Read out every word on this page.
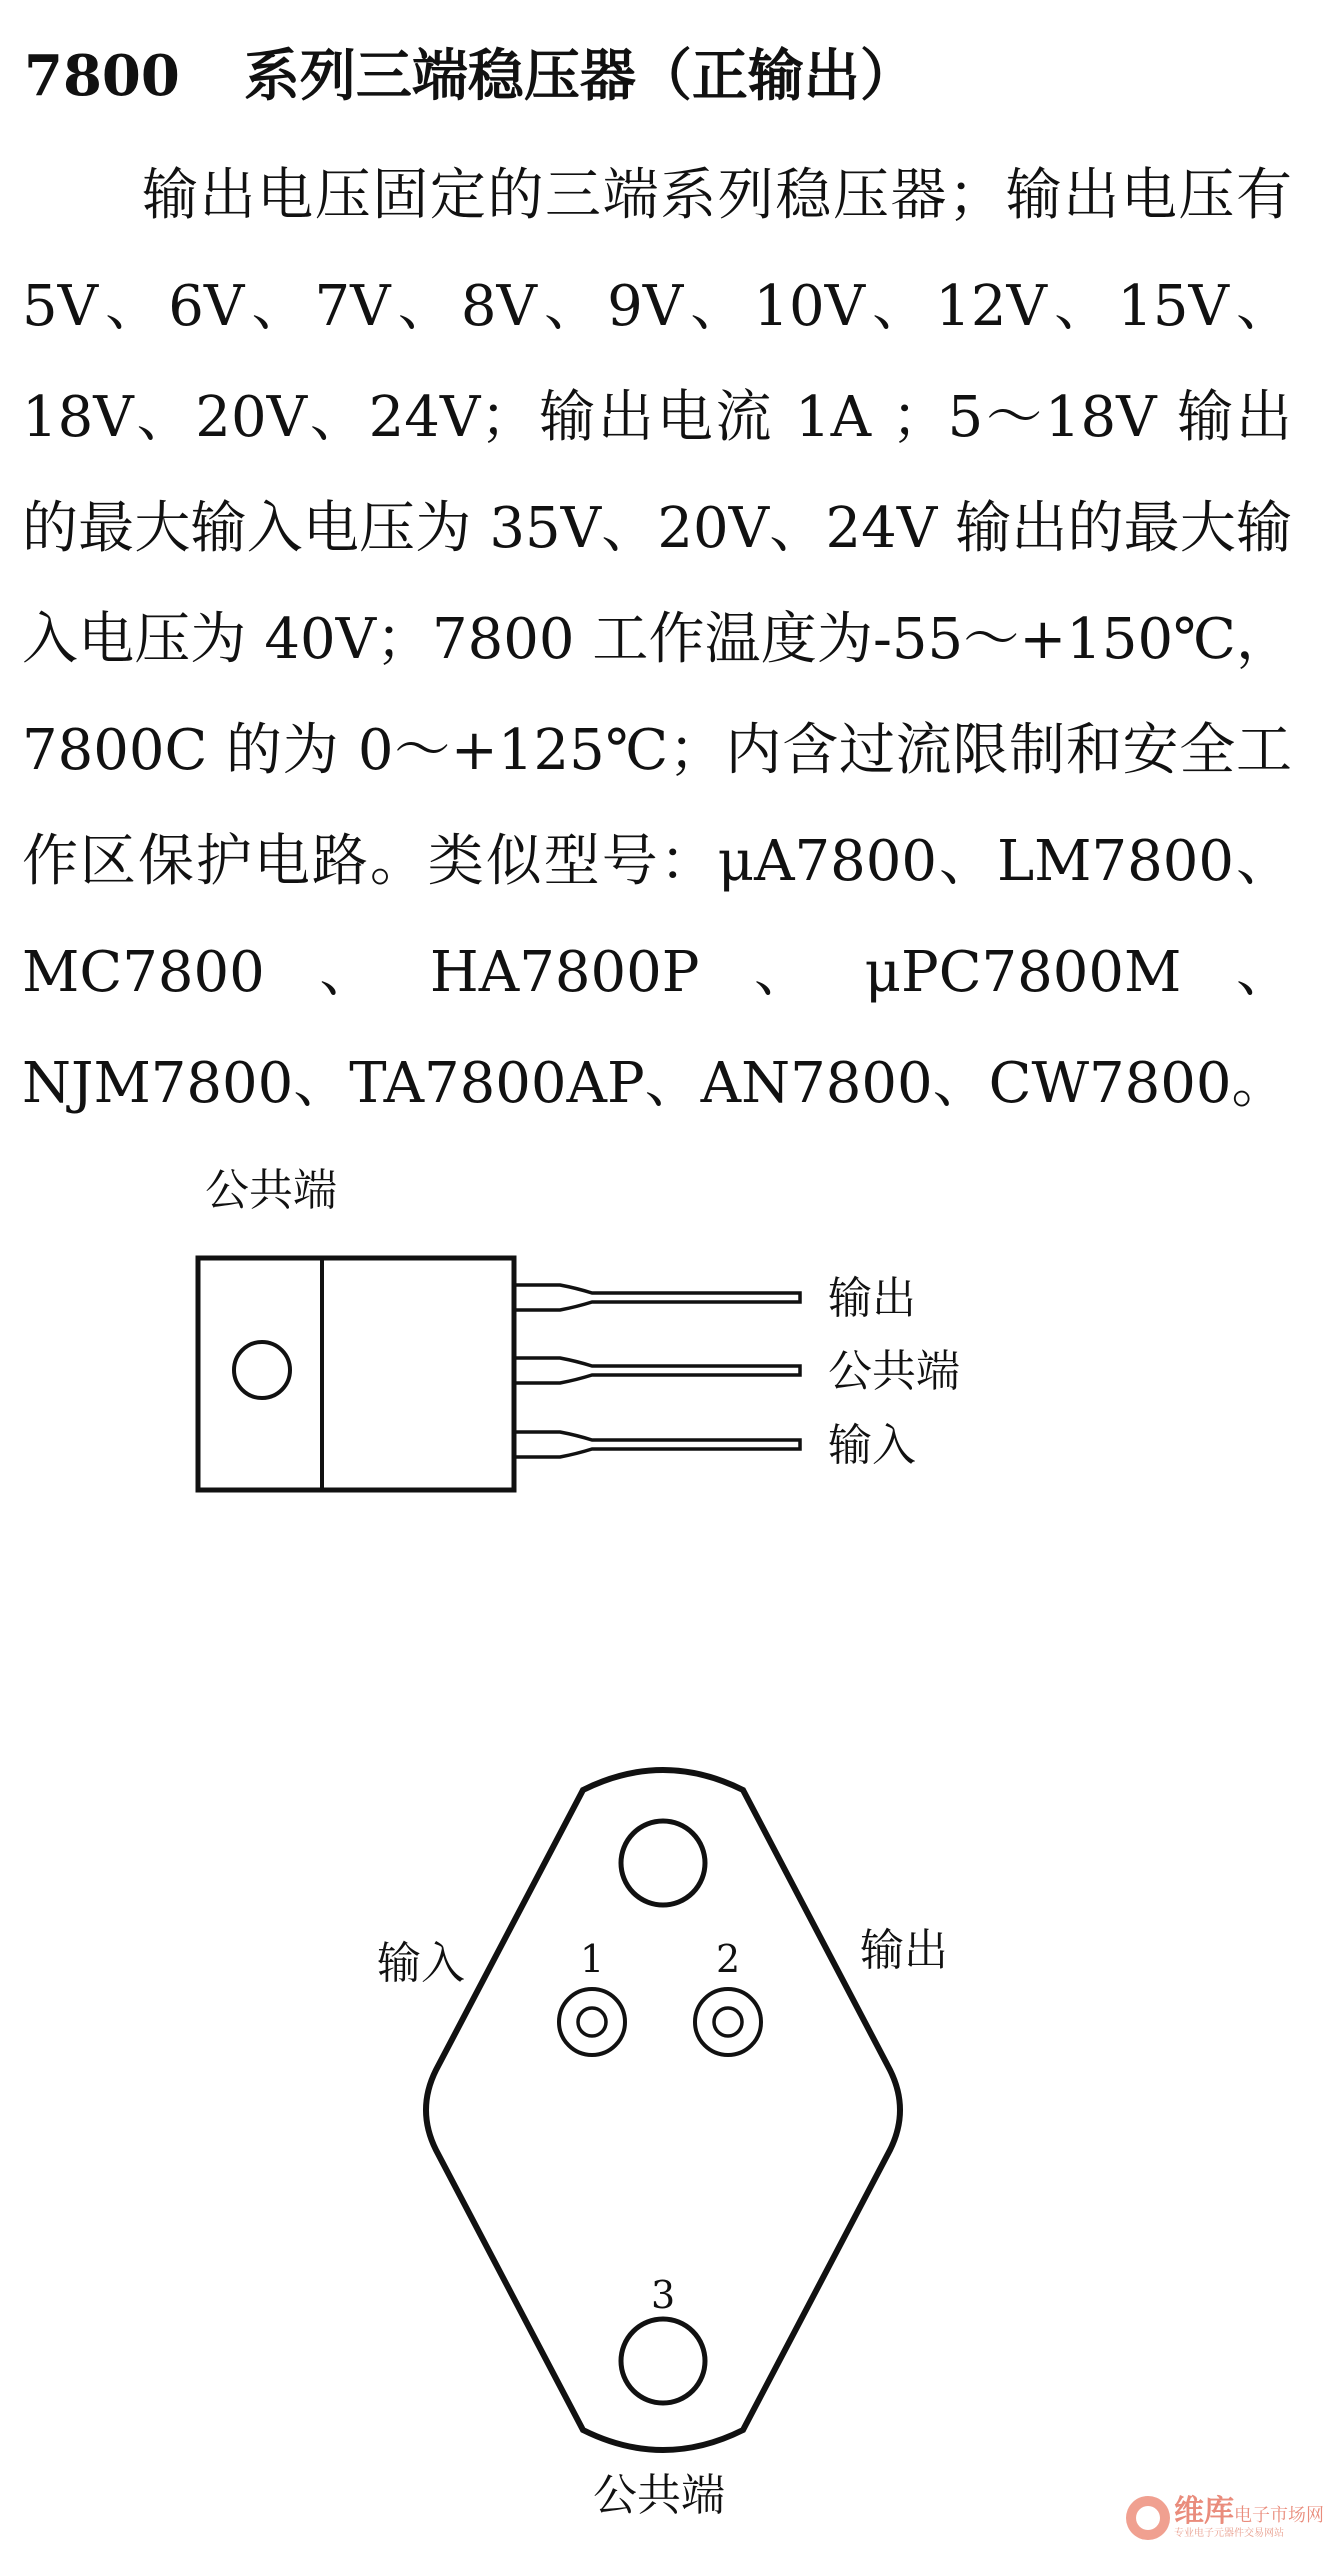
7800 系列三端稳压器（正输出）

输出电压固定的三端系列稳压器；输出电压有 5V、6V、7V、8V、9V、10V、12V、15V、18V、20V、24V；输出电流 1A ；5～18V 输出的最大输入电压为 35V、20V、24V 输出的最大输入电压为 40V；7800 工作温度为-55～+150℃，7800C 的为 0～+125℃；内含过流限制和安全工作区保护电路。类似型号：μA7800、LM7800、MC7800、HA7800P、μPC7800M、NJM7800、TA7800AP、AN7800、CW7800。

公共端
输出
公共端
输入
1	2
3
输入	输出
公共端	维库电子市场网
专业电子元器件交易网站
